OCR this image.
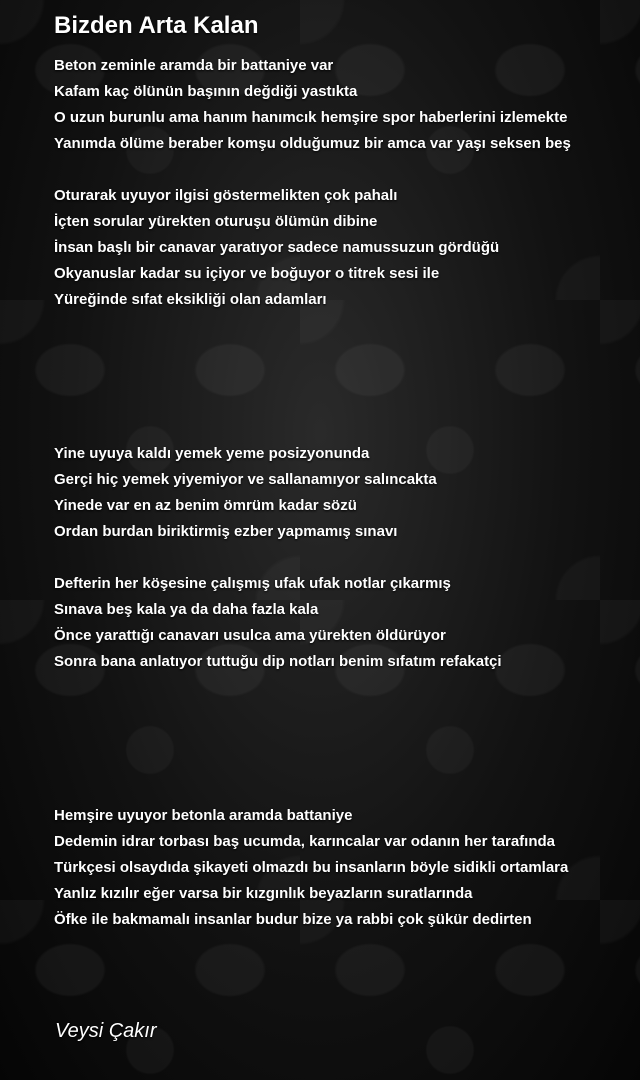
Bizden Arta Kalan
Beton zeminle aramda bir battaniye var
Kafam kaç ölünün başının değdiği yastıkta
O uzun burunlu ama hanım hanımcık hemşire spor haberlerini izlemekte
Yanımda ölüme beraber komşu olduğumuz bir amca var yaşı seksen beş
Oturarak uyuyor ilgisi göstermelikten çok pahalı
İçten sorular yürekten oturuşu ölümün dibine
İnsan başlı bir canavar yaratıyor sadece namussuzun gördüğü
Okyanuslar kadar su içiyor ve boğuyor o titrek sesi ile
Yüreğinde sıfat eksikliği olan adamları
Yine uyuya kaldı yemek yeme posizyonunda
Gerçi hiç yemek yiyemiyor ve sallanamıyor salıncakta
Yinede var en az benim ömrüm kadar sözü
Ordan burdan biriktirmiş ezber yapmamış sınavı
Defterin her köşesine çalışmış ufak ufak notlar çıkarmış
Sınava beş kala ya da daha fazla kala
Önce yarattığı canavarı usulca ama yürekten öldürüyor
Sonra bana anlatıyor tuttuğu dip notları benim sıfatım refakatçi
Hemşire uyuyor betonla aramda battaniye
Dedemin idrar torbası baş ucumda, karıncalar var odanın her tarafında
Türkçesi olsaydıda şikayeti olmazdı bu insanların böyle sidikli ortamlara
Yanlız kızılır eğer varsa bir kızgınlık beyazların suratlarında
Öfke ile bakmamalı insanlar budur bize ya rabbi çok şükür dedirten
Veysi Çakır
